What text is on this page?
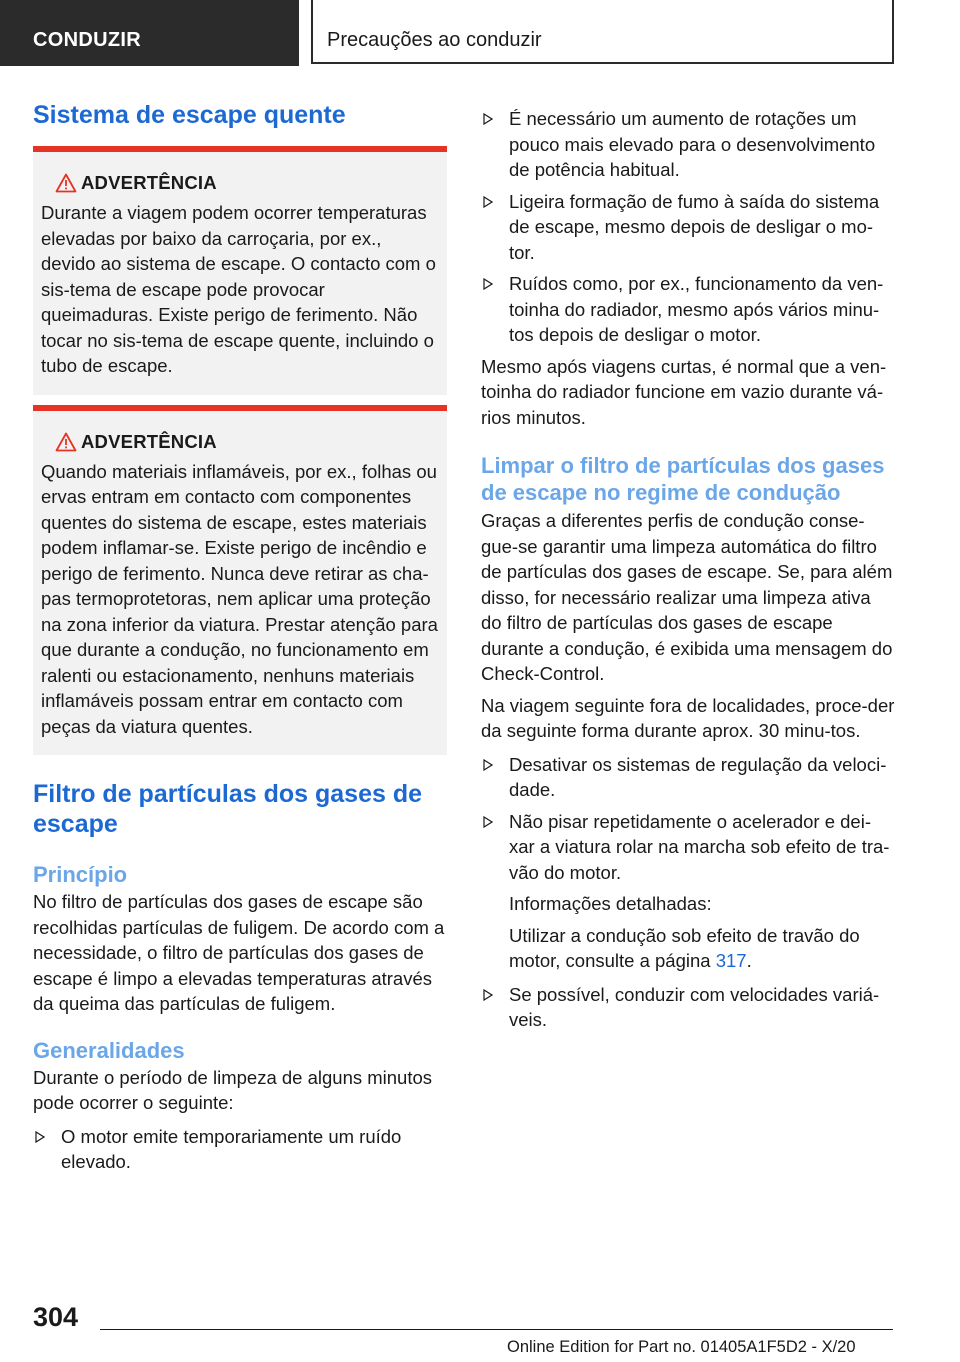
CONDUZIR	Precauções ao conduzir
Sistema de escape quente
ADVERTÊNCIA

Durante a viagem podem ocorrer temperaturas elevadas por baixo da carroçaria, por ex., devido ao sistema de escape. O contacto com o sis-tema de escape pode provocar queimaduras. Existe perigo de ferimento. Não tocar no sis-tema de escape quente, incluindo o tubo de escape.

ADVERTÊNCIA

Quando materiais inflamáveis, por ex., folhas ou ervas entram em contacto com componentes quentes do sistema de escape, estes materiais podem inflamar-se. Existe perigo de incêndio e perigo de ferimento. Nunca deve retirar as cha-pas termoprotetoras, nem aplicar uma proteção na zona inferior da viatura. Prestar atenção para que durante a condução, no funcionamento em ralenti ou estacionamento, nenhuns materiais inflamáveis possam entrar em contacto com peças da viatura quentes.

Filtro de partículas dos gases de escape
Princípio

No filtro de partículas dos gases de escape são recolhidas partículas de fuligem. De acordo com a necessidade, o filtro de partículas dos gases de escape é limpo a elevadas temperaturas através da queima das partículas de fuligem.

Generalidades

Durante o período de limpeza de alguns minutos pode ocorrer o seguinte:

O motor emite temporariamente um ruído elevado.
É necessário um aumento de rotações um pouco mais elevado para o desenvolvimento de potência habitual.
Ligeira formação de fumo à saída do sistema de escape, mesmo depois de desligar o mo-tor.
Ruídos como, por ex., funcionamento da ven-toinha do radiador, mesmo após vários minu-tos depois de desligar o motor.

Mesmo após viagens curtas, é normal que a ven-toinha do radiador funcione em vazio durante vá-rios minutos.

Limpar o filtro de partículas dos gases de escape no regime de condução

Graças a diferentes perfis de condução conse-gue-se garantir uma limpeza automática do filtro de partículas dos gases de escape. Se, para além disso, for necessário realizar uma limpeza ativa do filtro de partículas dos gases de escape durante a condução, é exibida uma mensagem do Check-Control.

Na viagem seguinte fora de localidades, proce-der da seguinte forma durante aprox. 30 minu-tos.

Desativar os sistemas de regulação da veloci-dade.
Não pisar repetidamente o acelerador e dei-xar a viatura rolar na marcha sob efeito de tra-vão do motor.

Informações detalhadas:

Utilizar a condução sob efeito de travão do motor, consulte a página 317.

Se possível, conduzir com velocidades variá-veis.
304
Online Edition for Part no. 01405A1F5D2 - X/20
